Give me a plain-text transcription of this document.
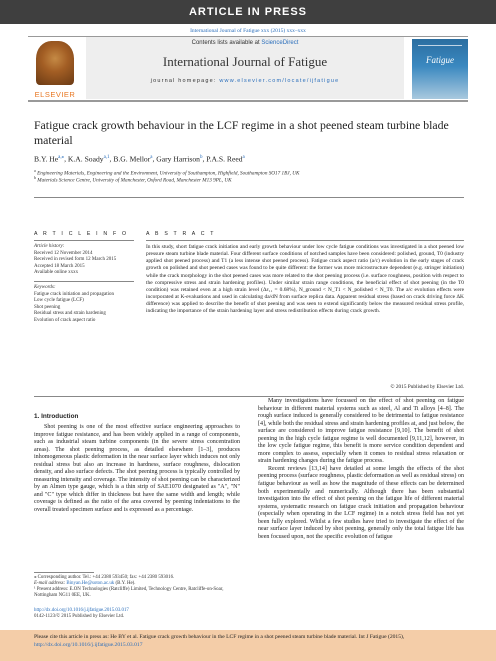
ARTICLE IN PRESS
International Journal of Fatigue xxx (2015) xxx–xxx
ELSEVIER
Contents lists available at ScienceDirect
International Journal of Fatigue
journal homepage: www.elsevier.com/locate/ijfatigue
Fatigue
Fatigue crack growth behaviour in the LCF regime in a shot peened steam turbine blade material
B.Y. $He^{a,⁎}$, K.A. Soady$^{a,1}$, B.G. Mellor$^a$, Gary Harrison$^b$, P.A.S. Reed$^a$
$^a$ Engineering Materials, Engineering and the Environment, University of Southampton, Highfield, Southampton SO17 1BJ, UK
$^b$ Materials Science Centre, University of Manchester, Oxford Road, Manchester M13 9PL, UK
A R T I C L E I N F O	A B S T R A C T
Article history:
Received 12 November 2014
Received in revised form 12 March 2015
Accepted 18 March 2015
Available online xxxx
Keywords:
Fatigue crack initiation and propagation
Low cycle fatigue (LCF)
Shot peening
Residual stress and strain hardening
Evolution of crack aspect ratio
In this study, short fatigue crack initiation and early growth behaviour under low cycle fatigue conditions was investigated in a shot peened low pressure steam turbine blade material. Four different surface conditions of notched samples have been considered: polished, ground, T0 (industry applied shot peened process) and T1 (a less intense shot peened process). Fatigue crack aspect ratio (a/c) evolution in the early stages of crack growth on polished and shot peened cases was found to be quite different: the former was more microstructure dependent (e.g. stringer initiation) while the crack morphology in the shot peened cases was more related to the shot peening process (i.e. surface roughness, position with respect to the compressive stress and strain hardening profiles). Under similar strain range conditions, the beneficial effect of shot peening (in the T0 condition) was retained even at a high strain level (Δε₁₁ = 0.68%), N_ground < N_T1 < N_polished < N_T0. The a/c evolution effects were incorporated at K-evaluations and used in calculating da/dN from surface replica data. Apparent residual stress (based on crack driving force ΔK difference) was applied to describe the benefit of shot peening and was seen to extend significantly below the measured residual stress profile, indicating the importance of the strain hardening layer and stress redistribution effects during crack growth.
© 2015 Published by Elsevier Ltd.
1. Introduction

Shot peening is one of the most effective surface engineering approaches to improve fatigue resistance, and has been widely applied in a range of components, such as industrial steam turbine components (in the severe stress concentration areas). The shot peening process, as detailed elsewhere [1–3], produces inhomogeneous plastic deformation in the near surface layer which induces not only residual stress but also an increase in hardness, surface roughness, dislocation density, and also surface defects. The shot peening process is typically controlled by measuring intensity and coverage. The intensity of shot peening can be characterized by an Almen type gauge, which is a thin strip of SAE1070 designated as "A", "N" and "C" type which differ in thickness but have the same width and length; while coverage is defined as the ratio of the area covered by peening indentations to the overall treated specimen surface and is expressed as a percentage.

Many investigations have focussed on the effect of shot peening on fatigue behaviour in different material systems such as steel, Al and Ti alloys [4–8]. The rough surface induced is generally considered to be detrimental to fatigue resistance [4], while both the residual stress and strain hardening profiles at, and just below, the surface are considered to improve fatigue resistance [9,10]. The benefit of shot peening in the high cycle fatigue regime is well documented [9,11,12], however, in the low cycle fatigue regime, this benefit is more service condition dependent and more complex to assess, especially when it comes to residual stress relaxation or strain hardening changes during the fatigue process.

Recent reviews [13,14] have detailed at some length the effects of the shot peening process (surface roughness, plastic deformation as well as residual stress) on fatigue behaviour as well as how the magnitude of these effects can be determined both experimentally and numerically. Although there has been substantial investigation into the effect of shot peening on the fatigue life of different material systems, systematic research on fatigue crack initiation and propagation behaviour (especially when operating in the LCF regime) in a notch stress field has not yet been fully explored. Whilst a few studies have tried to investigate the effect of the near surface layer induced by shot peening, generally only the total fatigue life has been focused upon, not the specific evolution of fatigue

⁎ Corresponding author. Tel.: +44 2380 593450; fax: +44 2380 593016.
E-mail address: Binyan.He@soton.ac.uk (B.Y. He).
¹ Present address: E.ON Technologies (Ratcliffe) Limited, Technology Centre, Ratcliffe-on-Soar, Nottingham NG11 0EE, UK.
http://dx.doi.org/10.1016/j.ijfatigue.2015.03.017
0142-1123/© 2015 Published by Elsevier Ltd.
Please cite this article in press as: He BY et al. Fatigue crack growth behaviour in the LCF regime in a shot peened steam turbine blade material. Int J Fatigue (2015), http://dx.doi.org/10.1016/j.ijfatigue.2015.03.017
